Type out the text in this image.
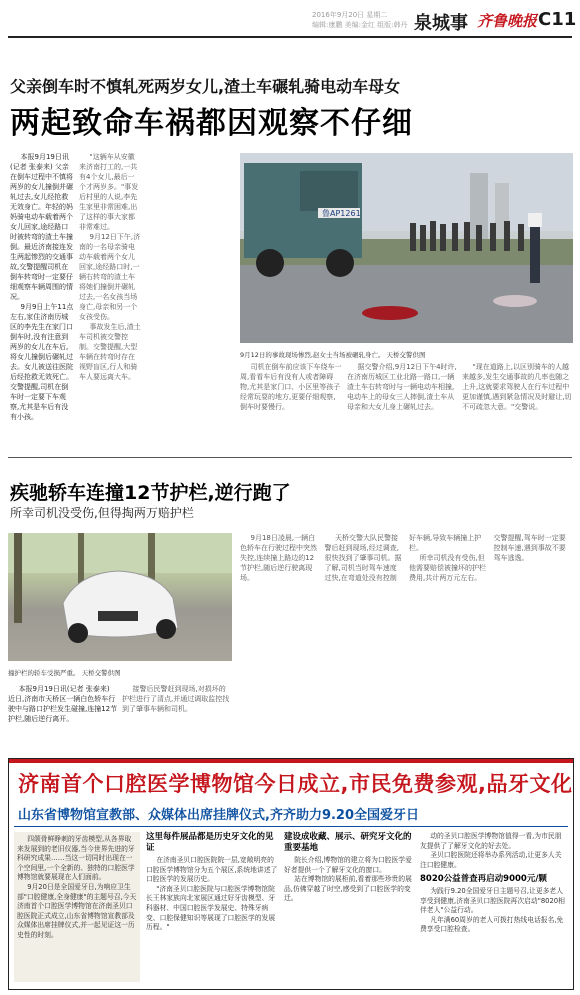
2016年9月20日 星期二
编辑:康鹏 美编:金红 组版:韩丹 泉城事 齐鲁晚报 C11
父亲倒车时不慎轧死两岁女儿,渣土车碾轧骑电动车母女
两起致命车祸都因观察不仔细

本报9月19日讯(记者 张泰来) 父亲在倒车过程中不慎将两岁的女儿撞倒并碾轧过去,女儿经抢救无效身亡。年轻的妈妈骑电动车载着两个女儿回家,途经路口时被转弯的渣土车撞倒。最近济南接连发生两起惨烈的交通事故,交警提醒司机在倒车转弯时一定要仔细观察车辆周围的情况。

9月9日上午11点左右,家住济南历城区的李先生在家门口倒车时,没有注意到两岁的女儿在车后,将女儿撞倒后碾轧过去。女儿被送往医院后经抢救无效死亡。交警提醒,司机在倒车时一定要下车观察,尤其是车后有没有小孩。

"这辆车从安徽来济南打工的,一共有4个女儿,最后一个才两岁多。"事发后村里的人说,李先生家里非常困难,出了这样的事大家都非常难过。

9月12日下午,济南的一名母亲骑电动车载着两个女儿回家,途经路口时,一辆右转弯的渣土车将她们撞倒并碾轧过去,一名女孩当场身亡,母亲和另一个女孩受伤。

事故发生后,渣土车司机被交警控制。交警提醒,大型车辆在转弯时存在视野盲区,行人和骑车人要远离大车。

鲁AP1261
9月12日的事故现场惨烈,赵女士当场被碾轧身亡。 天桥交警供图

司机在倒车前应该下车绕车一周,看看车后有没有人或者障碍物,尤其是家门口、小区里等孩子经常玩耍的地方,更要仔细观察,倒车时要慢行。

据交警介绍,9月12日下午4时许,在济南历城区工业北路一路口,一辆渣土车右转弯时与一辆电动车相撞,电动车上的母女三人摔倒,渣土车从母亲和大女儿身上碾轧过去。

"现在道路上,以区别骑车的人越来越多,发生交通事故的几率也随之上升,这就要求驾驶人在行车过程中更加谨慎,遇到紧急情况及时避让,切不可疏忽大意。"交警说。

疾驰轿车连撞12节护栏,逆行跑了
所幸司机没受伤,但得掏两万赔护栏
撞护栏的轿车受损严重。 天桥交警供图

9月18日凌晨,一辆白色轿车在行驶过程中突然失控,连续撞上路边的12节护栏,随后逆行驶离现场。

天桥交警大队民警接警后赶到现场,经过调查,很快找到了肇事司机。据了解,司机当时驾车速度过快,在弯道处没有控制好车辆,导致车辆撞上护栏。

所幸司机没有受伤,但他需要赔偿被撞坏的护栏费用,共计两万元左右。交警提醒,驾车时一定要控制车速,遇到事故不要驾车逃逸。

本报9月19日讯(记者 张泰来) 近日,济南市天桥区一辆白色轿车行驶中与路口护栏发生碰撞,连撞12节护栏,随后逆行离开。

接警后民警赶到现场,对损坏的护栏进行了清点,并通过调取监控找到了肇事车辆和司机。

济南首个口腔医学博物馆今日成立,市民免费参观,品牙文化
山东省博物馆宣教部、众媒体出席挂牌仪式,齐齐助力9.20全国爱牙日

四颌骨鲜睁刺的牙齿模型,从各界取来发展到的老旧仪器,当今世界先进的牙科研究成果……当这一切同时出现在一个空间里,一个全新的、独特的口腔医学博物馆就要展现在人们面前。

9月20日是全国爱牙日,为响应卫生部"口腔健康,全身健康"的主题号召,今天济南首个口腔医学博物馆在济南圣贝口腔医院正式成立,山东省博物馆宣教部及众媒体出席挂牌仪式,并一起见证这一历史性的时刻。

这里每件展品都是历史牙文化的见证

在济南圣贝口腔医院院一层,宽敞明亮的口腔医学博物馆分为五个展区,系统地讲述了口腔医学的发展历史。

"济南圣贝口腔医院与口腔医学博物馆院长王林家族向北家展区通过好牙齿模型、牙科器材、中国口腔医学发展史、特殊牙病变、口腔保健知识等展现了口腔医学的发展历程。"

建设成收藏、展示、研究牙文化的重要基地

院长介绍,博物馆的建立将为口腔医学爱好者提供一个了解牙文化的窗口。

站在博物馆的展柜前,看着那些珍贵的展品,仿佛穿越了时空,感受到了口腔医学的变迁。

动的圣贝口腔医学博物馆值得一看,为市民朋友提供了了解牙文化的好去处。

圣贝口腔医院还将举办系列活动,让更多人关注口腔健康。

8020公益普查再启动9000元/颗

为践行9.20全国爱牙日主题号召,让更多老人享受到健康,济南圣贝口腔医院再次启动"8020相伴老人"公益行动。

凡年满60周岁的老人可拨打热线电话报名,免费享受口腔检查。
